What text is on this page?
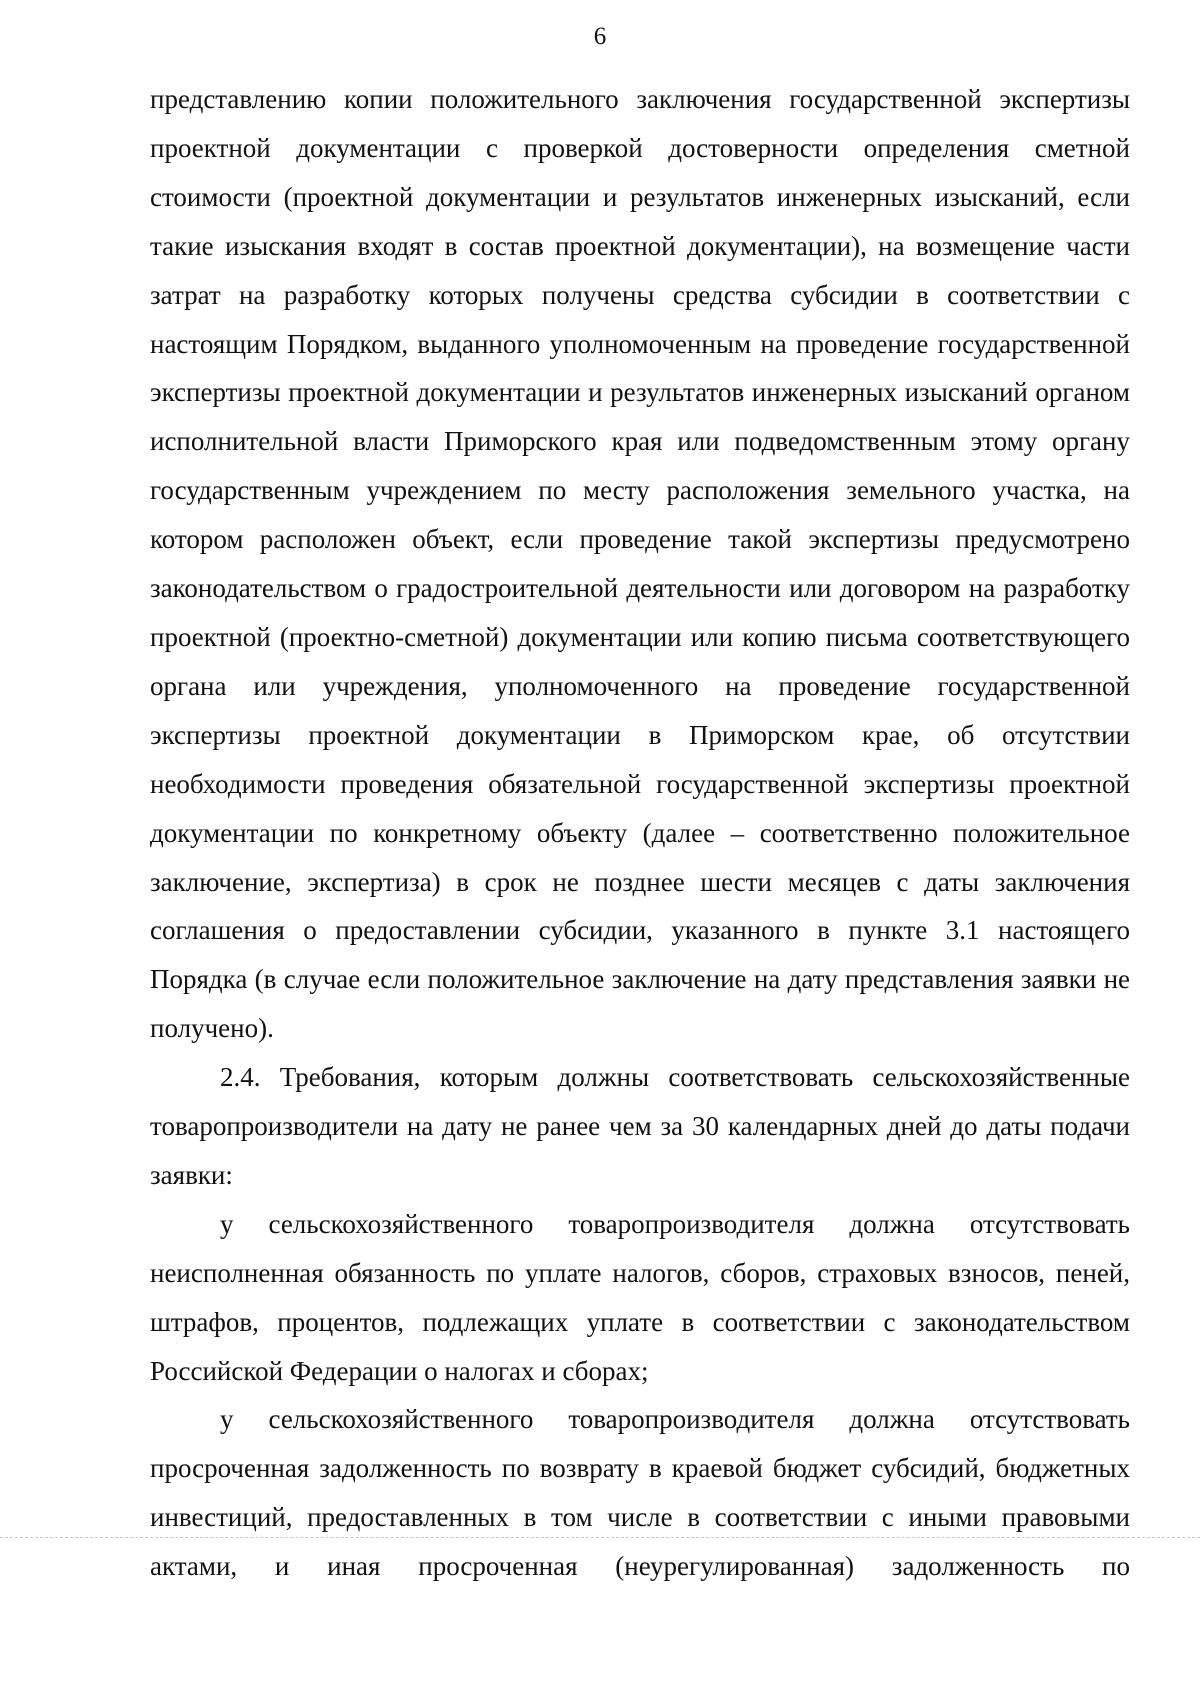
6

представлению копии положительного заключения государственной экспертизы проектной документации с проверкой достоверности определения сметной стоимости (проектной документации и результатов инженерных изысканий, если такие изыскания входят в состав проектной документации), на возмещение части затрат на разработку которых получены средства субсидии в соответствии с настоящим Порядком, выданного уполномоченным на проведение государственной экспертизы проектной документации и результатов инженерных изысканий органом исполнительной власти Приморского края или подведомственным этому органу государственным учреждением по месту расположения земельного участка, на котором расположен объект, если проведение такой экспертизы предусмотрено законодательством о градостроительной деятельности или договором на разработку проектной (проектно-сметной) документации или копию письма соответствующего органа или учреждения, уполномоченного на проведение государственной экспертизы проектной документации в Приморском крае, об отсутствии необходимости проведения обязательной государственной экспертизы проектной документации по конкретному объекту (далее – соответственно положительное заключение, экспертиза) в срок не позднее шести месяцев с даты заключения соглашения о предоставлении субсидии, указанного в пункте 3.1 настоящего Порядка (в случае если положительное заключение на дату представления заявки не получено).

2.4. Требования, которым должны соответствовать сельскохозяйственные товаропроизводители на дату не ранее чем за 30 календарных дней до даты подачи заявки:

у сельскохозяйственного товаропроизводителя должна отсутствовать неисполненная обязанность по уплате налогов, сборов, страховых взносов, пеней, штрафов, процентов, подлежащих уплате в соответствии с законодательством Российской Федерации о налогах и сборах;

у сельскохозяйственного товаропроизводителя должна отсутствовать просроченная задолженность по возврату в краевой бюджет субсидий, бюджетных инвестиций, предоставленных в том числе в соответствии с иными правовыми актами, и иная просроченная (неурегулированная) задолженность по
